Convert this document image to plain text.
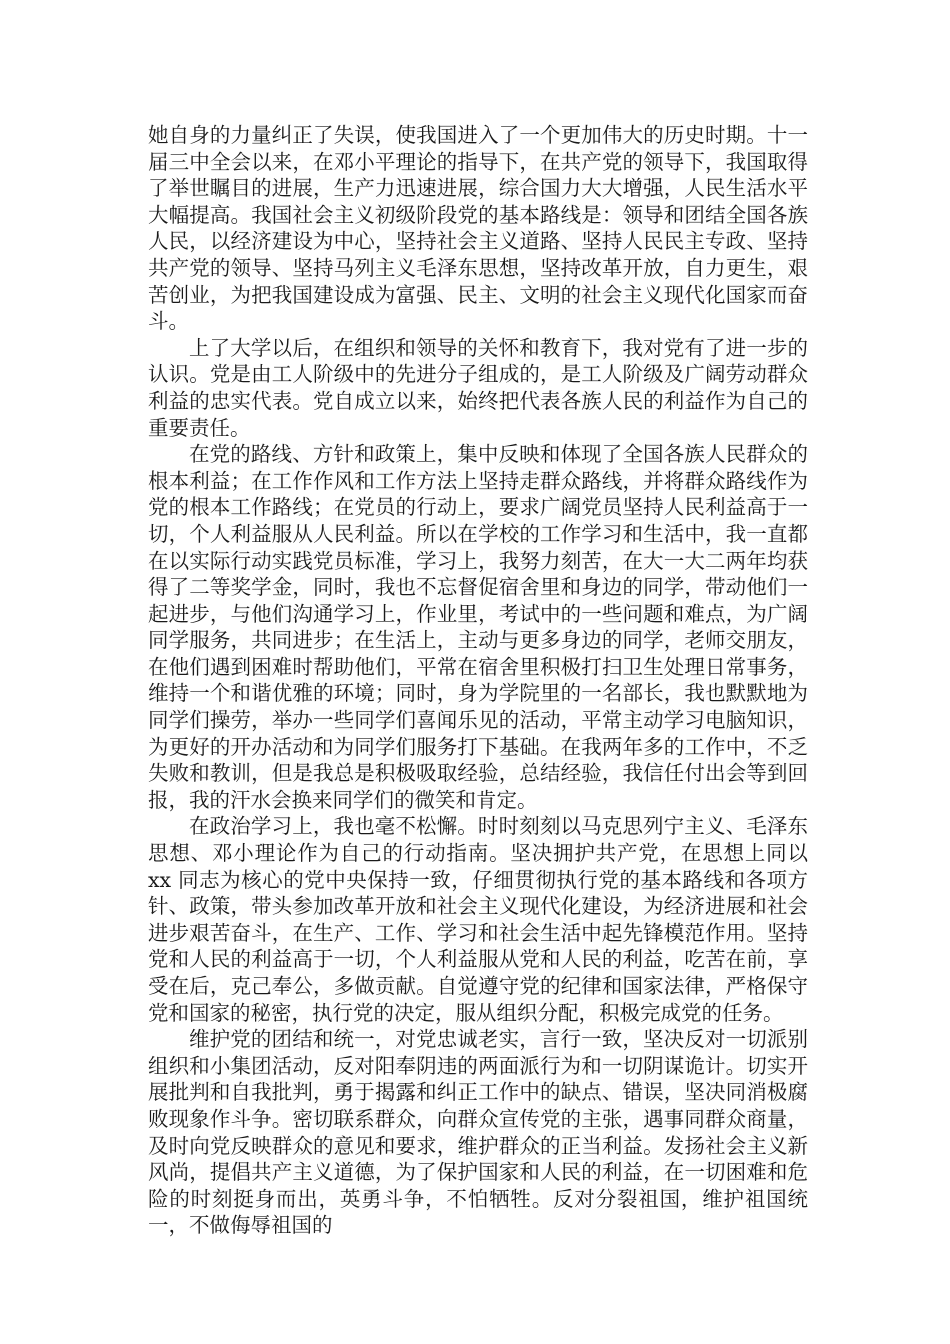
她自身的力量纠正了失误，使我国进入了一个更加伟大的历史时期。十一届三中全会以来，在邓小平理论的指导下，在共产党的领导下，我国取得了举世瞩目的进展，生产力迅速进展，综合国力大大增强，人民生活水平大幅提高。我国社会主义初级阶段党的基本路线是：领导和团结全国各族人民，以经济建设为中心，坚持社会主义道路、坚持人民民主专政、坚持共产党的领导、坚持马列主义毛泽东思想，坚持改革开放，自力更生，艰苦创业，为把我国建设成为富强、民主、文明的社会主义现代化国家而奋斗。

上了大学以后，在组织和领导的关怀和教育下，我对党有了进一步的认识。党是由工人阶级中的先进分子组成的，是工人阶级及广阔劳动群众利益的忠实代表。党自成立以来，始终把代表各族人民的利益作为自己的重要责任。

在党的路线、方针和政策上，集中反映和体现了全国各族人民群众的根本利益；在工作作风和工作方法上坚持走群众路线，并将群众路线作为党的根本工作路线；在党员的行动上，要求广阔党员坚持人民利益高于一切，个人利益服从人民利益。所以在学校的工作学习和生活中，我一直都在以实际行动实践党员标准，学习上，我努力刻苦，在大一大二两年均获得了二等奖学金，同时，我也不忘督促宿舍里和身边的同学，带动他们一起进步，与他们沟通学习上，作业里，考试中的一些问题和难点，为广阔同学服务，共同进步；在生活上，主动与更多身边的同学，老师交朋友，在他们遇到困难时帮助他们，平常在宿舍里积极打扫卫生处理日常事务，维持一个和谐优雅的环境；同时，身为学院里的一名部长，我也默默地为同学们操劳，举办一些同学们喜闻乐见的活动，平常主动学习电脑知识，为更好的开办活动和为同学们服务打下基础。在我两年多的工作中，不乏失败和教训，但是我总是积极吸取经验，总结经验，我信任付出会等到回报，我的汗水会换来同学们的微笑和肯定。

在政治学习上，我也毫不松懈。时时刻刻以马克思列宁主义、毛泽东思想、邓小理论作为自己的行动指南。坚决拥护共产党，在思想上同以 xx 同志为核心的党中央保持一致，仔细贯彻执行党的基本路线和各项方针、政策，带头参加改革开放和社会主义现代化建设，为经济进展和社会进步艰苦奋斗，在生产、工作、学习和社会生活中起先锋模范作用。坚持党和人民的利益高于一切，个人利益服从党和人民的利益，吃苦在前，享受在后，克己奉公，多做贡献。自觉遵守党的纪律和国家法律，严格保守党和国家的秘密，执行党的决定，服从组织分配，积极完成党的任务。

维护党的团结和统一，对党忠诚老实，言行一致，坚决反对一切派别组织和小集团活动，反对阳奉阴违的两面派行为和一切阴谋诡计。切实开展批判和自我批判，勇于揭露和纠正工作中的缺点、错误，坚决同消极腐败现象作斗争。密切联系群众，向群众宣传党的主张，遇事同群众商量，及时向党反映群众的意见和要求，维护群众的正当利益。发扬社会主义新风尚，提倡共产主义道德，为了保护国家和人民的利益，在一切困难和危险的时刻挺身而出，英勇斗争，不怕牺牲。反对分裂祖国，维护祖国统一，不做侮辱祖国的
